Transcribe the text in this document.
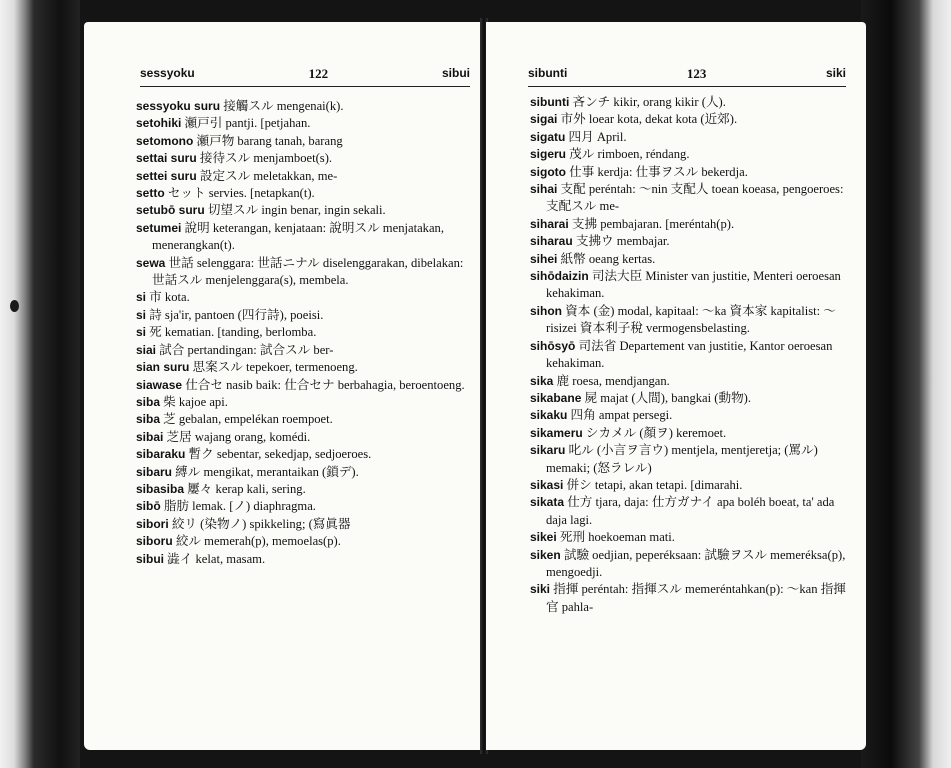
sessyoku	122	sibui
sessyoku suru 接觸スル mengenai(k).
setohiki 瀬戸引 pantji. [petjahan.
setomono 瀬戸物 barang tanah, barang
settai suru 接待スル menjamboet(s).
settei suru 設定スル meletakkan, me-
setto セット servies. [netapkan(t).
setubō suru 切望スル ingin benar, ingin sekali.
setumei 說明 keterangan, kenjataan: 說明スル menjatakan, menerangkan(t).
sewa 世話 selenggara: 世話ニナル diselenggarakan, dibelakan: 世話スル menjelenggara(s), membela.
si 市 kota.
si 詩 sja'ir, pantoen (四行詩), poeisi.
si 死 kematian. [tanding, berlomba.
siai 試合 pertandingan: 試合スル ber-
sian suru 思案スル tepekoer, termenoeng.
siawase 仕合セ nasib baik: 仕合セナ berbahagia, beroentoeng.
siba 柴 kajoe api.
siba 芝 gebalan, empelékan roempoet.
sibai 芝居 wajang orang, komédi.
sibaraku 暫ク sebentar, sekedjap, sedjoeroes.
sibaru 縛ル mengikat, merantaikan (鎖デ).
sibasiba 屢々 kerap kali, sering.
sibō 脂肪 lemak. [ノ) diaphragma.
sibori 絞リ (染物ノ) spikkeling; (寫眞器
siboru 絞ル memerah(p), memoelas(p).
sibui 澁イ kelat, masam.
sibunti	123	siki
sibunti 吝ンチ kikir, orang kikir (人).
sigai 市外 loear kota, dekat kota (近郊).
sigatu 四月 April.
sigeru 茂ル rimboen, réndang.
sigoto 仕事 kerdja: 仕事ヲスル bekerdja.
sihai 支配 peréntah: ～nin 支配人 toean koeasa, pengoeroes: 支配スル me-
siharai 支拂 pembajaran. [meréntah(p).
siharau 支拂ウ membajar.
sihei 紙幣 oeang kertas.
sihōdaizin 司法大臣 Minister van justitie, Menteri oeroesan kehakiman.
sihon 資本 (金) modal, kapitaal: ～ka 資本家 kapitalist: ～risizei 資本利子稅 vermogensbelasting.
sihōsyō 司法省 Departement van justitie, Kantor oeroesan kehakiman.
sika 鹿 roesa, mendjangan.
sikabane 屍 majat (人間), bangkai (動物).
sikaku 四角 ampat persegi.
sikameru シカメル (顏ヲ) keremoet.
sikaru 叱ル (小言ヲ言ウ) mentjela, mentjeretja; (罵ル) memaki; (怒ラレル)
sikasi 併シ tetapi, akan tetapi. [dimarahi.
sikata 仕方 tjara, daja: 仕方ガナイ apa boléh boeat, ta' ada daja lagi.
sikei 死刑 hoekoeman mati.
siken 試驗 oedjian, peperéksaan: 試驗ヲスル memeréksa(p), mengoedji.
siki 指揮 peréntah: 指揮スル memeréntahkan(p): ～kan 指揮官 pahla-
